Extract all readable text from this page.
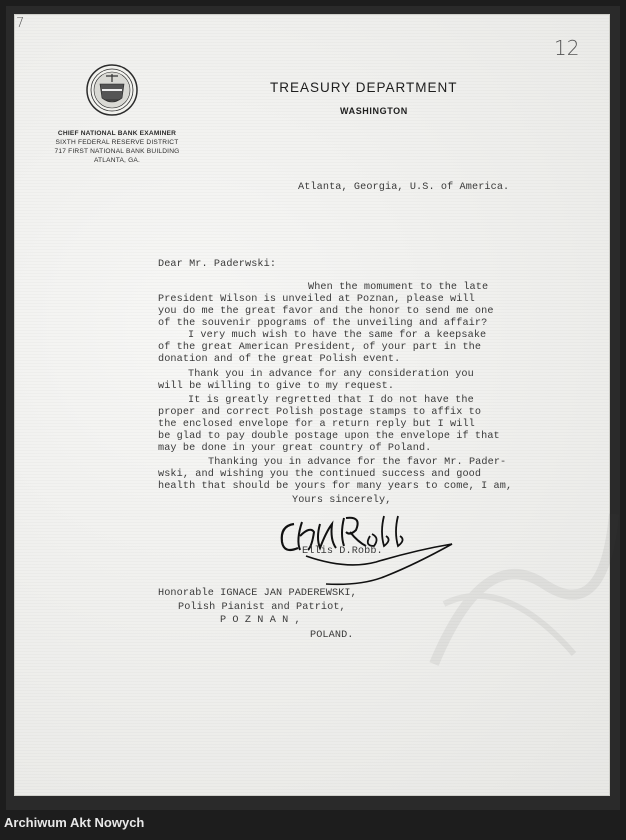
7
12
CHIEF NATIONAL BANK EXAMINER
SIXTH FEDERAL RESERVE DISTRICT
717 FIRST NATIONAL BANK BUILDING
ATLANTA, GA.
TREASURY DEPARTMENT
WASHINGTON
Atlanta, Georgia, U.S. of America.
Dear Mr. Paderwski:
When the momument to the late
President Wilson is unveiled at Poznan, please will
you do me the great favor and the honor to send me one
of the souvenir ppograms of the unveiling and affair?
I very much wish to have the same for a keepsake
of the great American President, of your part in the
donation and of the great Polish event.
Thank you in advance for any consideration you
will be willing to give to my request.
It is greatly regretted that I do not have the
proper and correct Polish postage stamps to affix to
the enclosed envelope for a return reply but I will
be glad to pay double postage upon the envelope if that
may be done in your great country of Poland.
Thanking you in advance for the favor Mr. Pader-
wski, and wishing you the continued success and good
health that should be yours for many years to come, I am,
Yours sincerely,
Ellis D.Robb.
Honorable IGNACE JAN PADEREWSKI,
Polish Pianist and Patriot,
P O Z N A N ,
POLAND.
Archiwum Akt Nowych
